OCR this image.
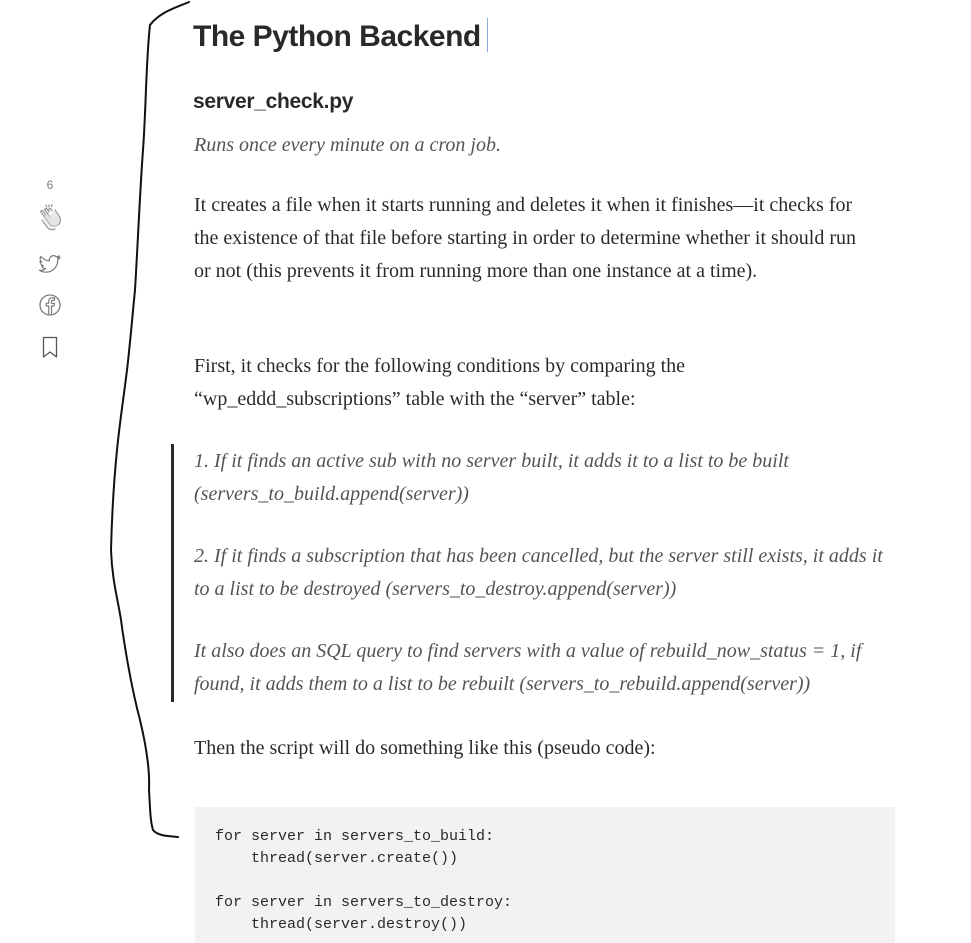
6
The Python Backend
server_check.py

Runs once every minute on a cron job.

It creates a file when it starts running and deletes it when it finishes—it checks for the existence of that file before starting in order to determine whether it should run or not (this prevents it from running more than one instance at a time).

First, it checks for the following conditions by comparing the “wp_eddd_subscriptions” table with the “server” table:

1. If it finds an active sub with no server built, it adds it to a list to be built (servers_to_build.append(server))

2. If it finds a subscription that has been cancelled, but the server still exists, it adds it to a list to be destroyed (servers_to_destroy.append(server))

It also does an SQL query to find servers with a value of rebuild_now_status = 1, if found, it adds them to a list to be rebuilt (servers_to_rebuild.append(server))

Then the script will do something like this (pseudo code):

for server in servers_to_build:
thread(server.create())
for server in servers_to_destroy:
thread(server.destroy())
